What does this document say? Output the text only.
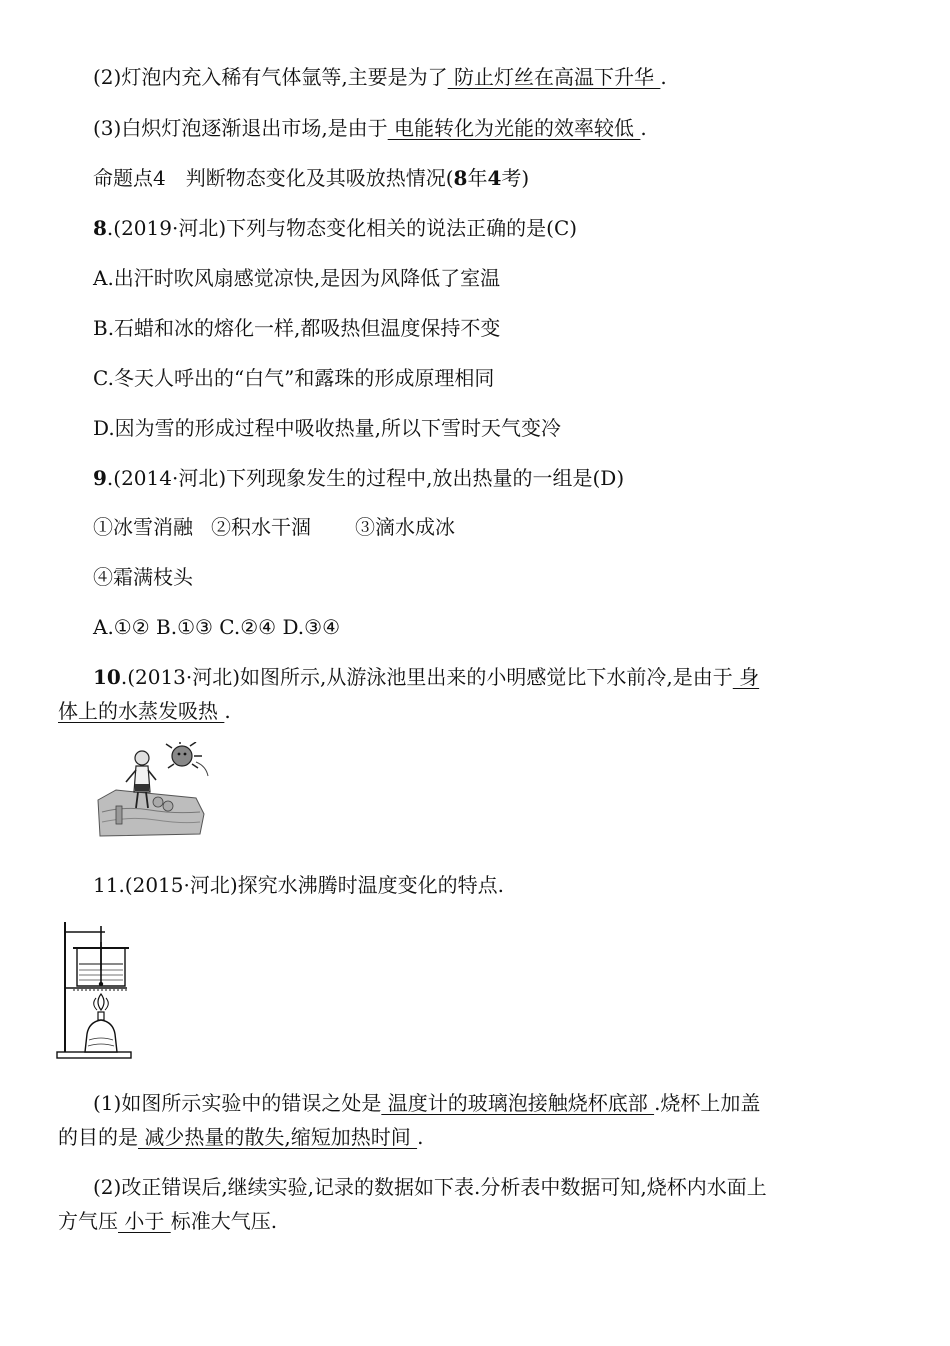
(2)灯泡内充入稀有气体氩等,主要是为了 防止灯丝在高温下升华 .
(3)白炽灯泡逐渐退出市场,是由于 电能转化为光能的效率较低 .
命题点4 判断物态变化及其吸放热情况(8年4考)
8.(2019·河北)下列与物态变化相关的说法正确的是(C)
A.出汗时吹风扇感觉凉快,是因为风降低了室温
B.石蜡和冰的熔化一样,都吸热但温度保持不变
C.冬天人呼出的“白气”和露珠的形成原理相同
D.因为雪的形成过程中吸收热量,所以下雪时天气变冷
9.(2014·河北)下列现象发生的过程中,放出热量的一组是(D)
①冰雪消融 ②积水干涸 ③滴水成冰
④霜满枝头
A.①② B.①③ C.②④ D.③④
10.(2013·河北)如图所示,从游泳池里出来的小明感觉比下水前冷,是由于 身
体上的水蒸发吸热 .
11.(2015·河北)探究水沸腾时温度变化的特点.
(1)如图所示实验中的错误之处是 温度计的玻璃泡接触烧杯底部 .烧杯上加盖
的目的是 减少热量的散失,缩短加热时间 .
(2)改正错误后,继续实验,记录的数据如下表.分析表中数据可知,烧杯内水面上
方气压 小于 标准大气压.
